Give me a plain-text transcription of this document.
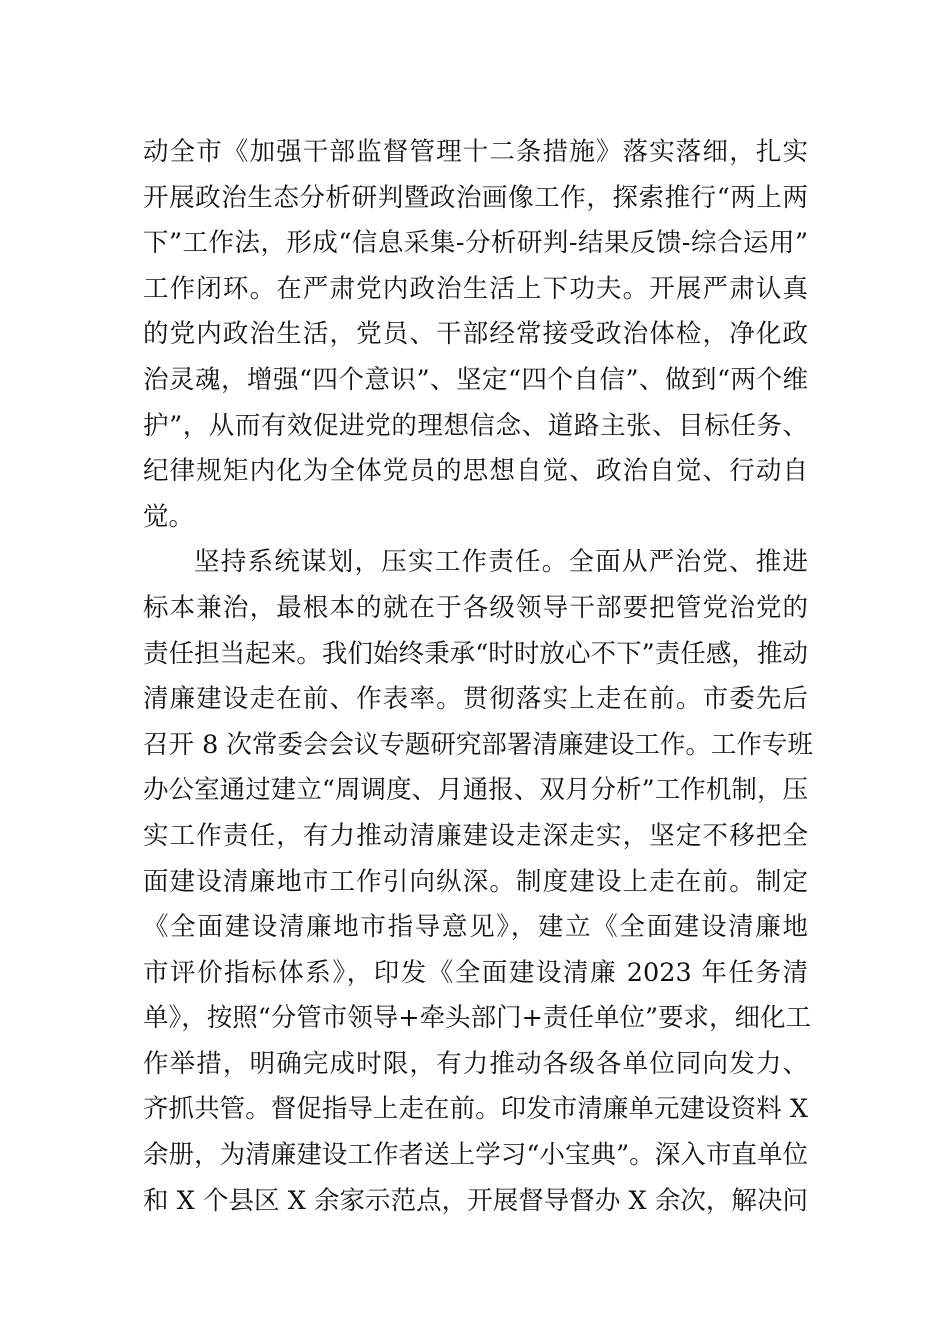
动全市《加强干部监督管理十二条措施》落实落细，扎实
开展政治生态分析研判暨政治画像工作，探索推行“两上两
下”工作法，形成“信息采集-分析研判-结果反馈-综合运用”
工作闭环。在严肃党内政治生活上下功夫。开展严肃认真
的党内政治生活，党员、干部经常接受政治体检，净化政
治灵魂，增强“四个意识”、坚定“四个自信”、做到“两个维
护”，从而有效促进党的理想信念、道路主张、目标任务、
纪律规矩内化为全体党员的思想自觉、政治自觉、行动自
觉。
坚持系统谋划，压实工作责任。全面从严治党、推进
标本兼治，最根本的就在于各级领导干部要把管党治党的
责任担当起来。我们始终秉承“时时放心不下”责任感，推动
清廉建设走在前、作表率。贯彻落实上走在前。市委先后
召开 8 次常委会会议专题研究部署清廉建设工作。工作专班
办公室通过建立“周调度、月通报、双月分析”工作机制，压
实工作责任，有力推动清廉建设走深走实，坚定不移把全
面建设清廉地市工作引向纵深。制度建设上走在前。制定
《全面建设清廉地市指导意见》，建立《全面建设清廉地
市评价指标体系》，印发《全面建设清廉 2023 年任务清
单》，按照“分管市领导+牵头部门+责任单位”要求，细化工
作举措，明确完成时限，有力推动各级各单位同向发力、
齐抓共管。督促指导上走在前。印发市清廉单元建设资料 X
余册，为清廉建设工作者送上学习“小宝典”。深入市直单位
和 X 个县区 X 余家示范点，开展督导督办 X 余次，解决问
